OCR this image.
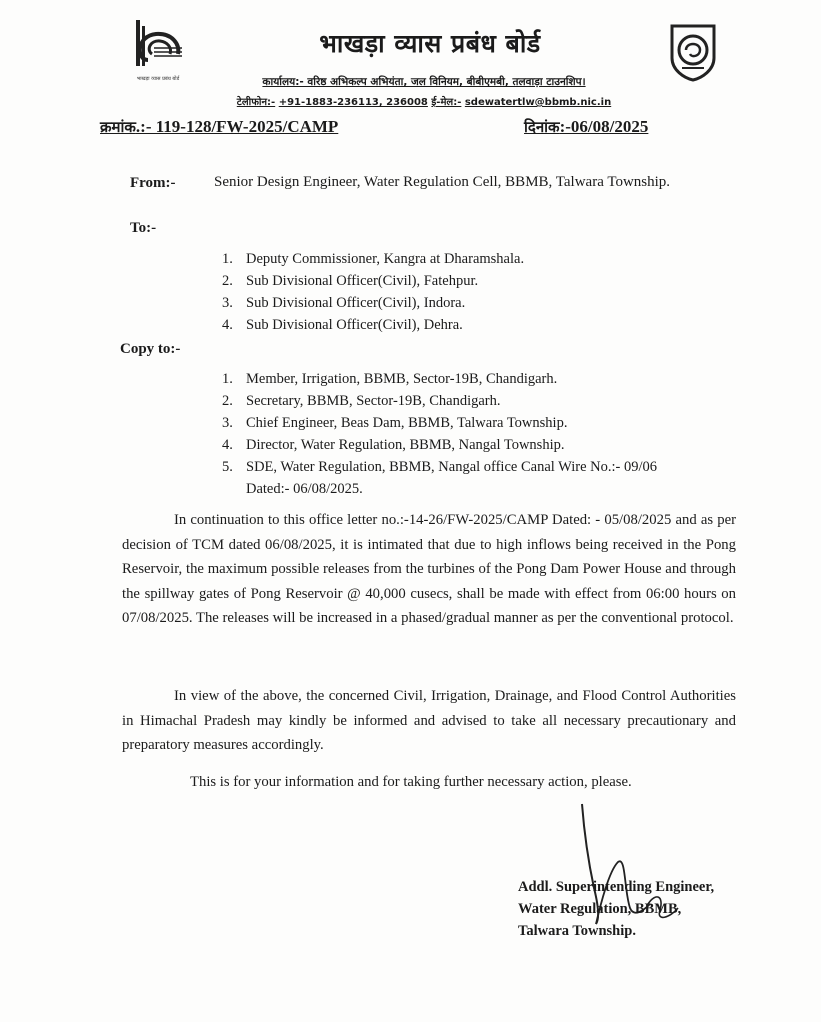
भाखड़ा व्यास प्रबंध बोर्ड
भाखड़ा व्यास प्रबंध बोर्ड
कार्यालय:- वरिष्ठ अभिकल्प अभियंता, जल विनियम, बीबीएमबी, तलवाड़ा टाउनशिप।
टेलीफोन:- +91-1883-236113, 236008 ई-मेल:- sdewatertlw@bbmb.nic.in
क्रमांक.:- 119-128/FW-2025/CAMP	दिनांक:-06/08/2025
From:-	Senior Design Engineer, Water Regulation Cell, BBMB, Talwara Township.
To:-
1. Deputy Commissioner, Kangra at Dharamshala.
2. Sub Divisional Officer(Civil), Fatehpur.
3. Sub Divisional Officer(Civil), Indora.
4. Sub Divisional Officer(Civil), Dehra.
Copy to:-
1. Member, Irrigation, BBMB, Sector-19B, Chandigarh.
2. Secretary, BBMB, Sector-19B, Chandigarh.
3. Chief Engineer, Beas Dam, BBMB, Talwara Township.
4. Director, Water Regulation, BBMB, Nangal Township.
5. SDE, Water Regulation, BBMB, Nangal office Canal Wire No.:- 09/06
Dated:- 06/08/2025.
In continuation to this office letter no.:-14-26/FW-2025/CAMP Dated: - 05/08/2025 and as per decision of TCM dated 06/08/2025, it is intimated that due to high inflows being received in the Pong Reservoir, the maximum possible releases from the turbines of the Pong Dam Power House and through the spillway gates of Pong Reservoir @ 40,000 cusecs, shall be made with effect from 06:00 hours on 07/08/2025. The releases will be increased in a phased/gradual manner as per the conventional protocol.
In view of the above, the concerned Civil, Irrigation, Drainage, and Flood Control Authorities in Himachal Pradesh may kindly be informed and advised to take all necessary precautionary and preparatory measures accordingly.
This is for your information and for taking further necessary action, please.
Addl. Superintending Engineer,
Water Regulation, BBMB,
Talwara Township.
